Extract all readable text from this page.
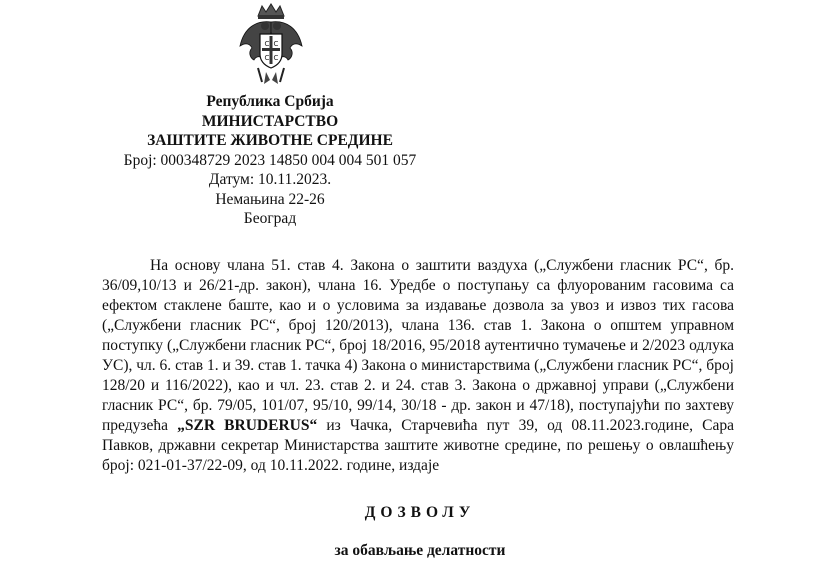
С С
С С
Република Србија
МИНИСТАРСТВО
ЗАШТИТЕ ЖИВОТНЕ СРЕДИНЕ
Број: 000348729 2023 14850 004 004 501 057
Датум: 10.11.2023.
Немањина 22-26
Београд

На основу члана 51. став 4. Закона о заштити ваздуха („Службени гласник РС“, бр. 36/09,10/13 и 26/21-др. закон), члана 16. Уредбе о поступању са флуорованим гасовима са ефектом стаклене баште, као и о условима за издавање дозвола за увоз и извоз тих гасова („Службени гласник РС“, број 120/2013), члана 136. став 1. Закона о општем управном поступку („Службени гласник РС“, број 18/2016, 95/2018 аутентично тумачење и 2/2023 одлука УС), чл. 6. став 1. и 39. став 1. тачка 4) Закона о министарствима („Службени гласник РС“, број 128/20 и 116/2022), као и чл. 23. став 2. и 24. став 3. Закона о државној управи („Службени гласник РС“, бр. 79/05, 101/07, 95/10, 99/14, 30/18 - др. закон и 47/18), поступајући по захтеву предузећа „SZR BRUDERUS“ из Чачка, Старчевића пут 39, од 08.11.2023.године, Сара Павков, државни секретар Министарства заштите животне средине, по решењу о овлашћењу број: 021-01-37/22-09, од 10.11.2022. године, издаје

ДОЗВОЛУ
за обављање делатности
